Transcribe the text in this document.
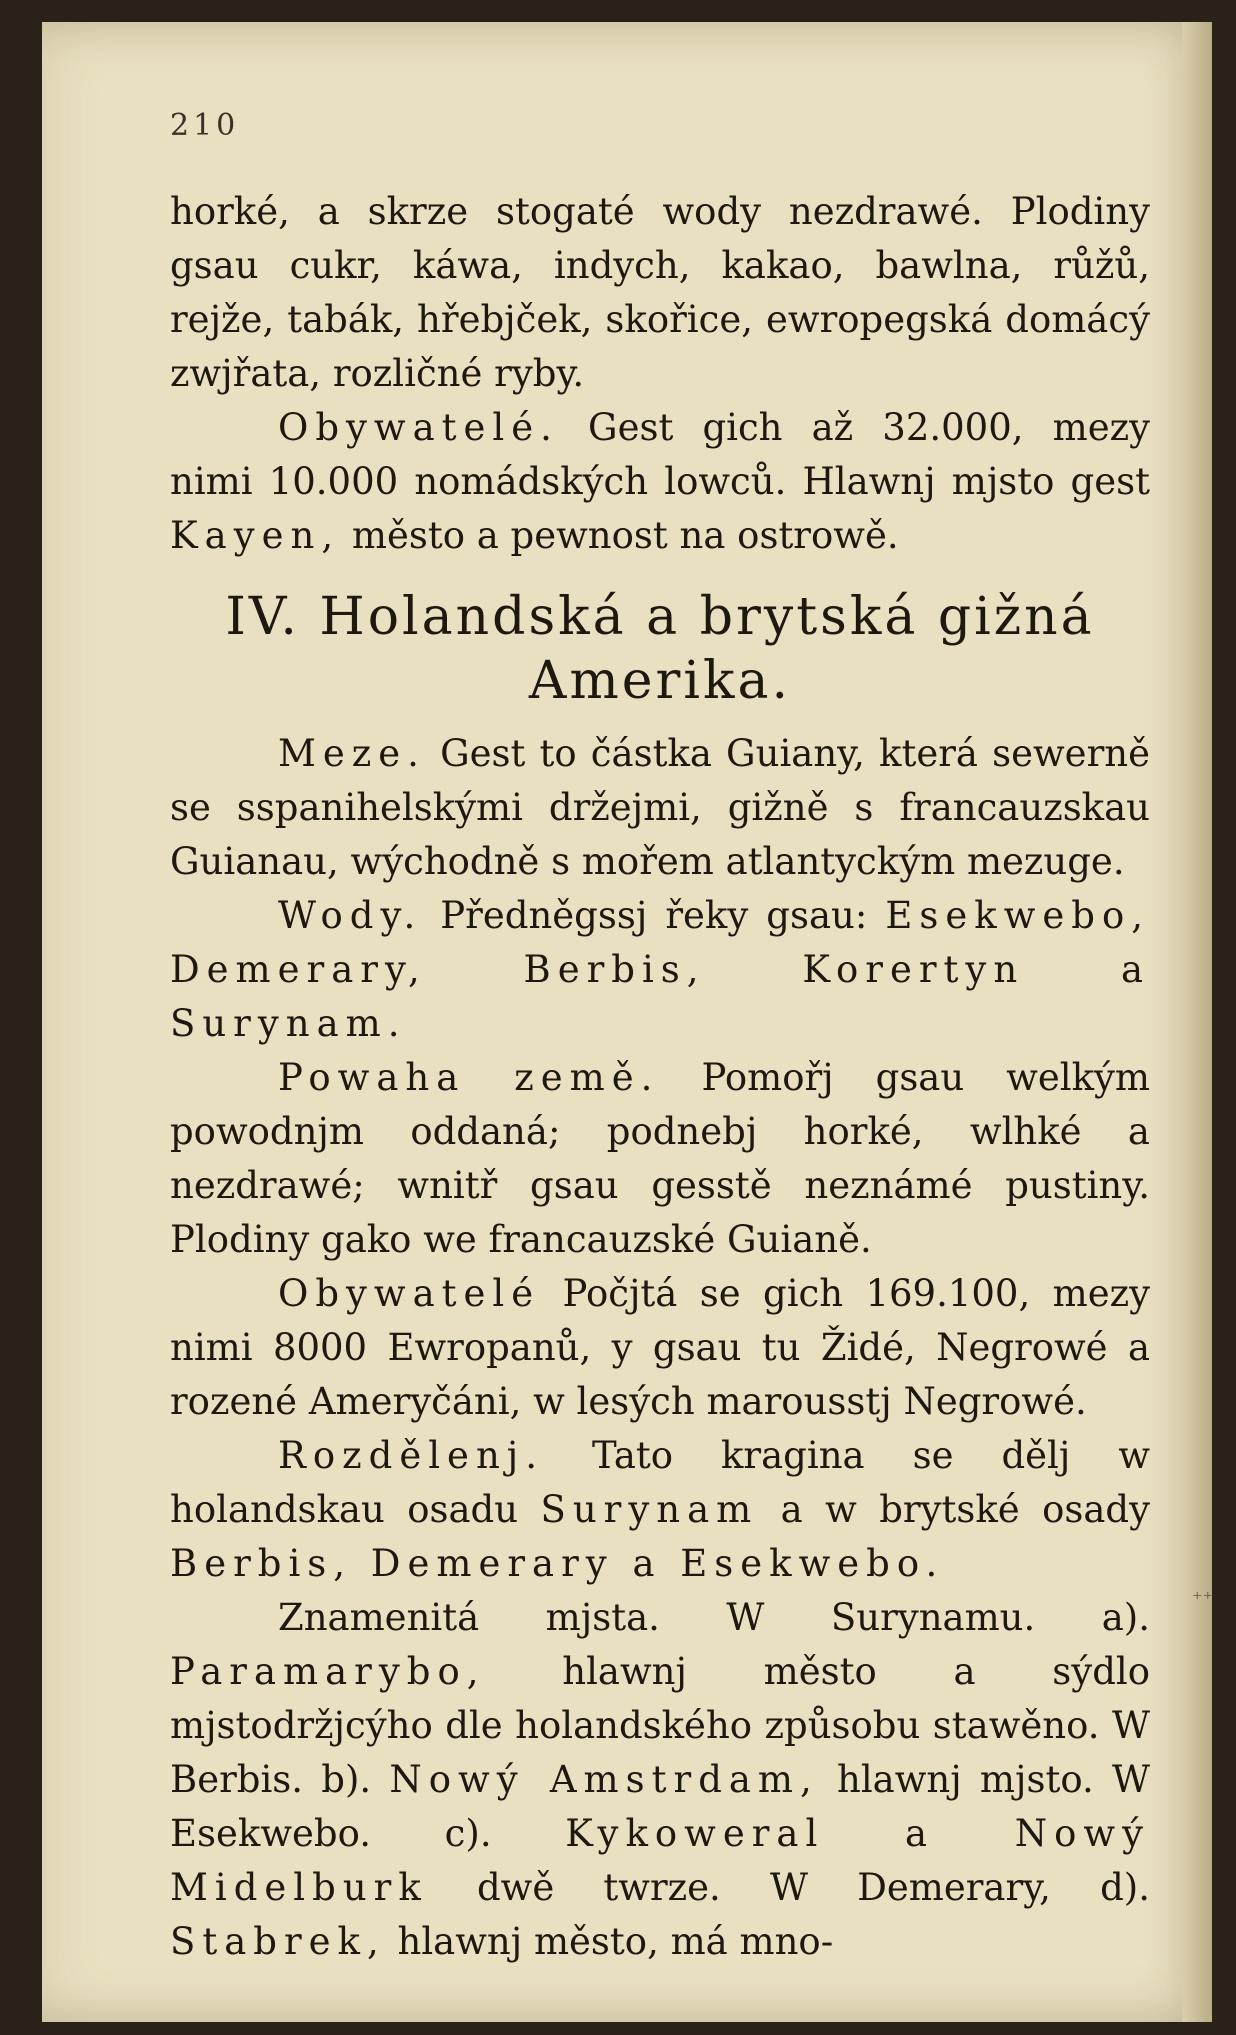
210

horké, a skrze stogaté wody nezdrawé. Plodiny gsau cukr, káwa, indych, kakao, bawlna, růžů, rejže, tabák, hřebjček, skořice, ewropegská domácý zwjřata, rozličné ryby.

Obywatelé. Gest gich až 32.000, mezy nimi 10.000 nomádských lowců. Hlawnj mjsto gest Kayen, město a pewnost na ostrowě.

IV. Holandská a brytská gižná Amerika.

Meze. Gest to částka Guiany, která sewerně se sspanihelskými držejmi, gižně s francauzskau Guianau, wýchodně s mořem atlantyckým mezuge.

Wody. Předněgssj řeky gsau: Esekwebo, Demerary, Berbis, Korertyn a Surynam.

Powaha země. Pomořj gsau welkým powodnjm oddaná; podnebj horké, wlhké a nezdrawé; wnitř gsau gesstě neznámé pustiny. Plodiny gako we francauzské Guianě.

Obywatelé Počjtá se gich 169.100, mezy nimi 8000 Ewropanů, y gsau tu Židé, Negrowé a rozené Ameryčáni, w lesých marousstj Negrowé.

Rozdělenj. Tato kragina se dělj w holandskau osadu Surynam a w brytské osady Berbis, Demerary a Esekwebo.

Znamenitá mjsta. W Surynamu. a). Paramarybo, hlawnj město a sýdlo mjstodržjcýho dle holandského způsobu stawěno. W Berbis. b). Nowý Amstrdam, hlawnj mjsto. W Esekwebo. c). Kykoweral a Nowý Midelburk dwě twrze. W Demerary, d). Stabrek, hlawnj město, má mno-

₊₊
